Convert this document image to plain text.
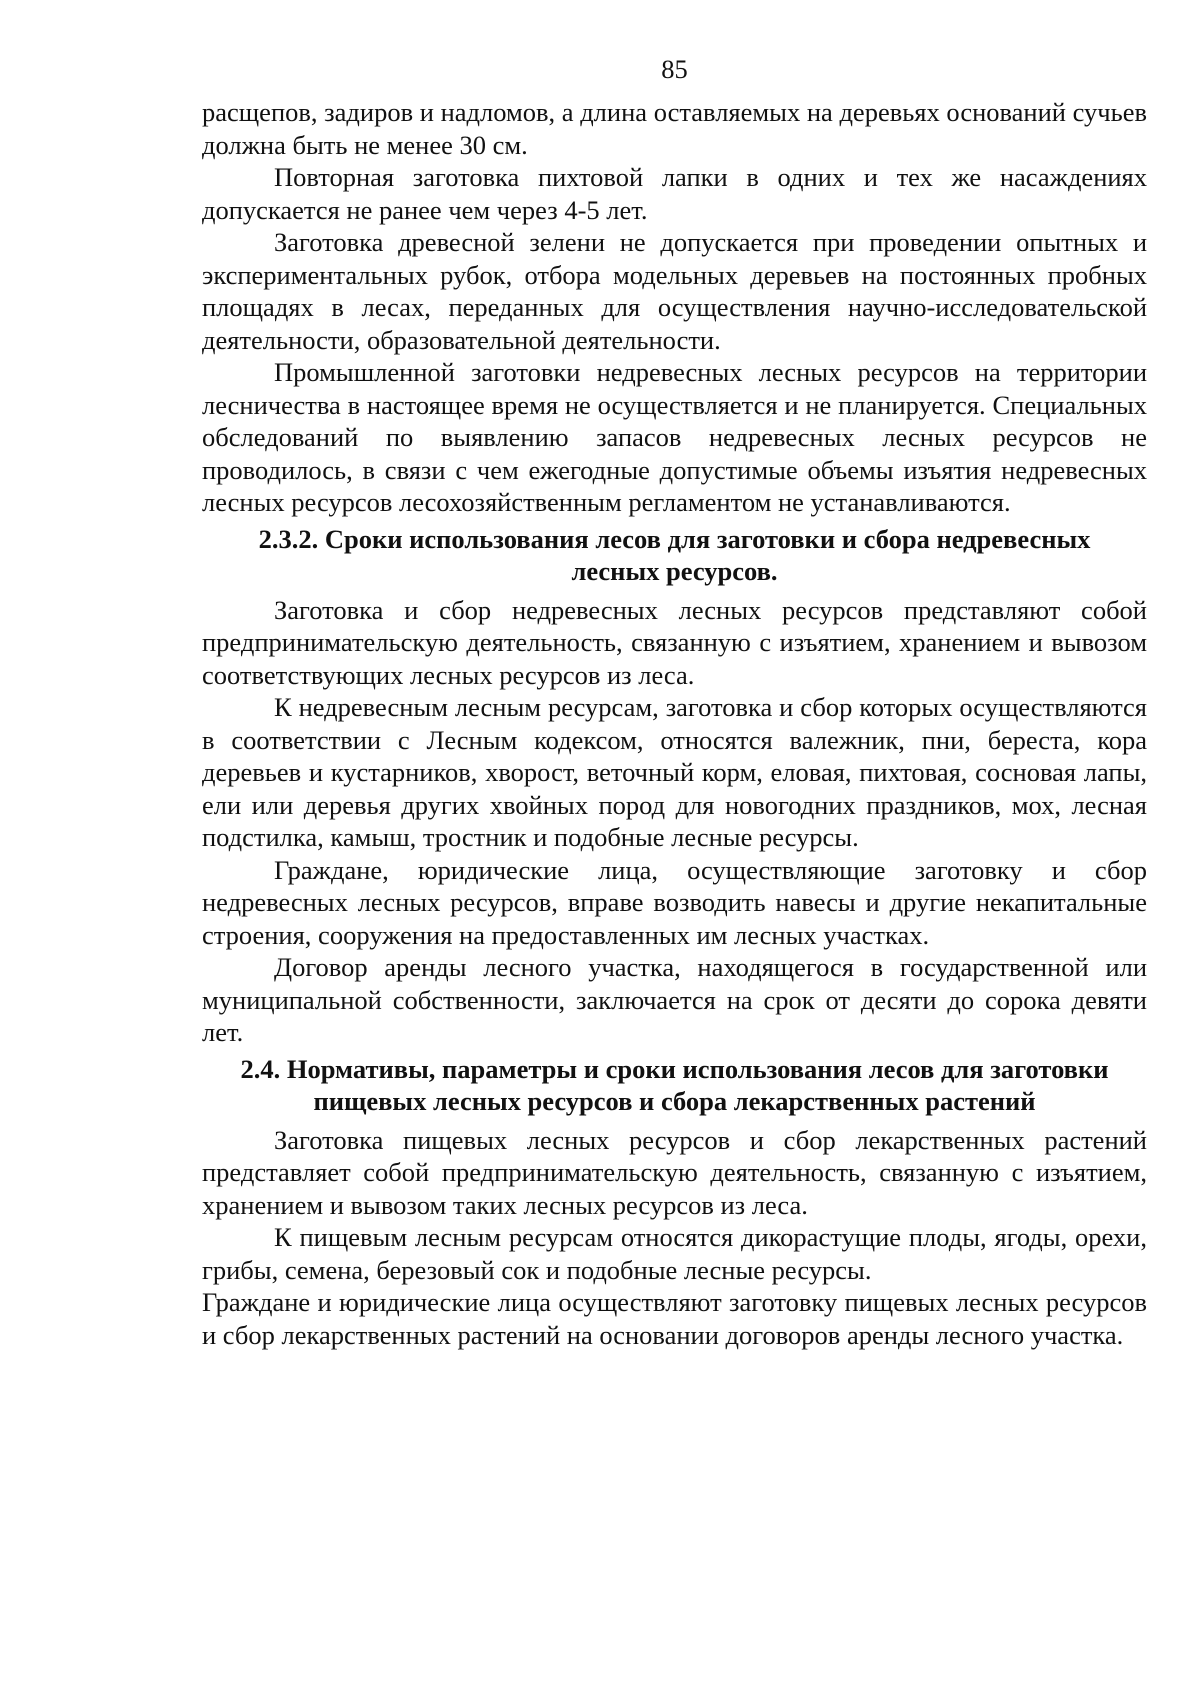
85

расщепов, задиров и надломов, а длина оставляемых на деревьях оснований сучьев должна быть не менее 30 см.

Повторная заготовка пихтовой лапки в одних и тех же насаждениях допускается не ранее чем через 4-5 лет.

Заготовка древесной зелени не допускается при проведении опытных и экспериментальных рубок, отбора модельных деревьев на постоянных пробных площадях в лесах, переданных для осуществления научно-исследовательской деятельности, образовательной деятельности.

Промышленной заготовки недревесных лесных ресурсов на территории лесничества в настоящее время не осуществляется и не планируется. Специальных обследований по выявлению запасов недревесных лесных ресурсов не проводилось, в связи с чем ежегодные допустимые объемы изъятия недревесных лесных ресурсов лесохозяйственным регламентом не устанавливаются.

2.3.2. Сроки использования лесов для заготовки и сбора недревесных
лесных ресурсов.

Заготовка и сбор недревесных лесных ресурсов представляют собой предпринимательскую деятельность, связанную с изъятием, хранением и вывозом соответствующих лесных ресурсов из леса.

К недревесным лесным ресурсам, заготовка и сбор которых осуществляются в соответствии с Лесным кодексом, относятся валежник, пни, береста, кора деревьев и кустарников, хворост, веточный корм, еловая, пихтовая, сосновая лапы, ели или деревья других хвойных пород для новогодних праздников, мох, лесная подстилка, камыш, тростник и подобные лесные ресурсы.

Граждане, юридические лица, осуществляющие заготовку и сбор недревесных лесных ресурсов, вправе возводить навесы и другие некапитальные строения, сооружения на предоставленных им лесных участках.

Договор аренды лесного участка, находящегося в государственной или муниципальной собственности, заключается на срок от десяти до сорока девяти лет.

2.4. Нормативы, параметры и сроки использования лесов для заготовки
пищевых лесных ресурсов и сбора лекарственных растений

Заготовка пищевых лесных ресурсов и сбор лекарственных растений представляет собой предпринимательскую деятельность, связанную с изъятием, хранением и вывозом таких лесных ресурсов из леса.

К пищевым лесным ресурсам относятся дикорастущие плоды, ягоды, орехи, грибы, семена, березовый сок и подобные лесные ресурсы.

Граждане и юридические лица осуществляют заготовку пищевых лесных ресурсов и сбор лекарственных растений на основании договоров аренды лесного участка.
